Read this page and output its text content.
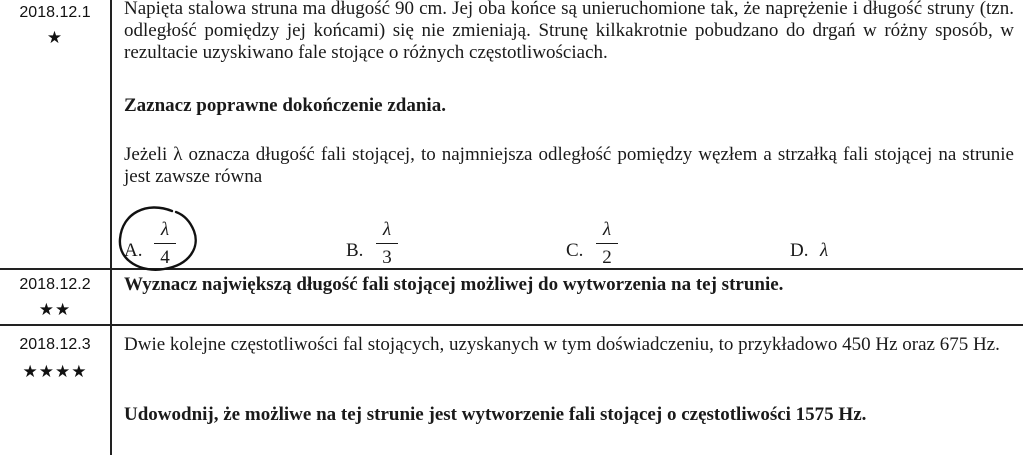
2018.12.1
★
Napięta stalowa struna ma długość 90 cm. Jej oba końce są unieruchomione tak, że naprężenie i długość struny (tzn. odległość pomiędzy jej końcami) się nie zmieniają. Strunę kilkakrotnie pobudzano do drgań w różny sposób, w rezultacie uzyskiwano fale stojące o różnych częstotliwościach.
Zaznacz poprawne dokończenie zdania.
Jeżeli λ oznacza długość fali stojącej, to najmniejsza odległość pomiędzy węzłem a strzałką fali stojącej na strunie jest zawsze równa
A.
λ
4	B.
λ
3	C.
λ
2	D. λ
2018.12.2
★★
Wyznacz największą długość fali stojącej możliwej do wytworzenia na tej strunie.
2018.12.3
★★★★
Dwie kolejne częstotliwości fal stojących, uzyskanych w tym doświadczeniu, to przykładowo 450 Hz oraz 675 Hz.
Udowodnij, że możliwe na tej strunie jest wytworzenie fali stojącej o częstotliwości 1575 Hz.
